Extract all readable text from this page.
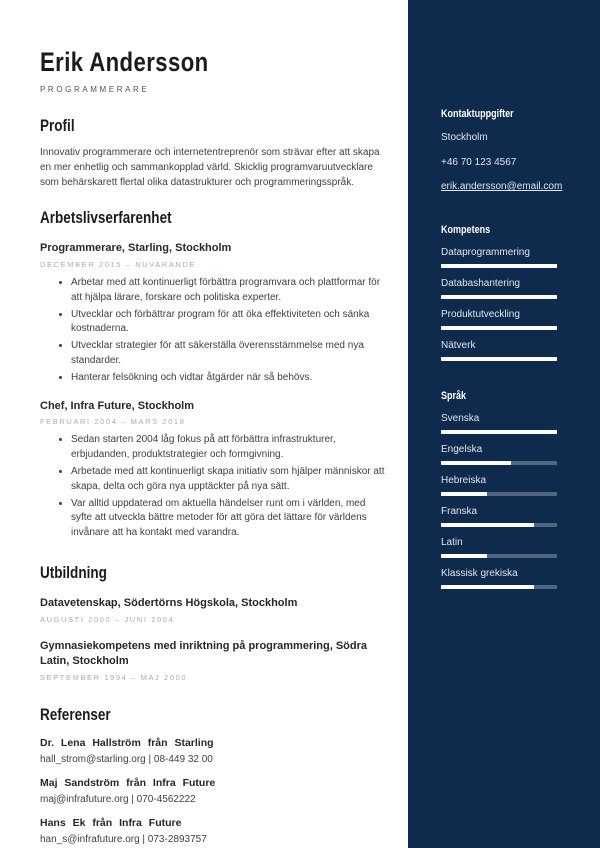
Erik Andersson
PROGRAMMERARE
Profil

Innovativ programmerare och internetentreprenör som strävar efter att skapa en mer enhetlig och sammankopplad värld. Skicklig programvaruutvecklare som behärskarett flertal olika datastrukturer och programmeringsspråk.

Arbetslivserfarenhet
Programmerare, Starling, Stockholm
DECEMBER 2015 – NUVARANDE
• Arbetar med att kontinuerligt förbättra programvara och plattformar för att hjälpa lärare, forskare och politiska experter.
• Utvecklar och förbättrar program för att öka effektiviteten och sänka kostnaderna.
• Utvecklar strategier för att säkerställa överensstämmelse med nya standarder.
• Hanterar felsökning och vidtar åtgärder när så behövs.
Chef, Infra Future, Stockholm
FEBRUARI 2004 – MARS 2018
• Sedan starten 2004 låg fokus på att förbättra infrastrukturer, erbjudanden, produktstrategier och formgivning.
• Arbetade med att kontinuerligt skapa initiativ som hjälper människor att skapa, delta och göra nya upptäckter på nya sätt.
• Var alltid uppdaterad om aktuella händelser runt om i världen, med syfte att utveckla bättre metoder för att göra det lättare för världens invånare att ha kontakt med varandra.
Utbildning
Datavetenskap, Södertörns Högskola, Stockholm
AUGUSTI 2000 – JUNI 2004
Gymnasiekompetens med inriktning på programmering, Södra Latin, Stockholm
SEPTEMBER 1994 – MAJ 2000
Referenser
Dr. Lena Hallström från Starling
hall_strom@starling.org | 08-449 32 00
Maj Sandström från Infra Future
maj@infrafuture.org | 070-4562222
Hans Ek från Infra Future
han_s@infrafuture.org | 073-2893757
Kontaktuppgifter
Stockholm
+46 70 123 4567
erik.andersson@email.com
Kompetens
Dataprogrammering
Databashantering
Produktutveckling
Nätverk
Språk
Svenska
Engelska
Hebreiska
Franska
Latin
Klassisk grekiska
